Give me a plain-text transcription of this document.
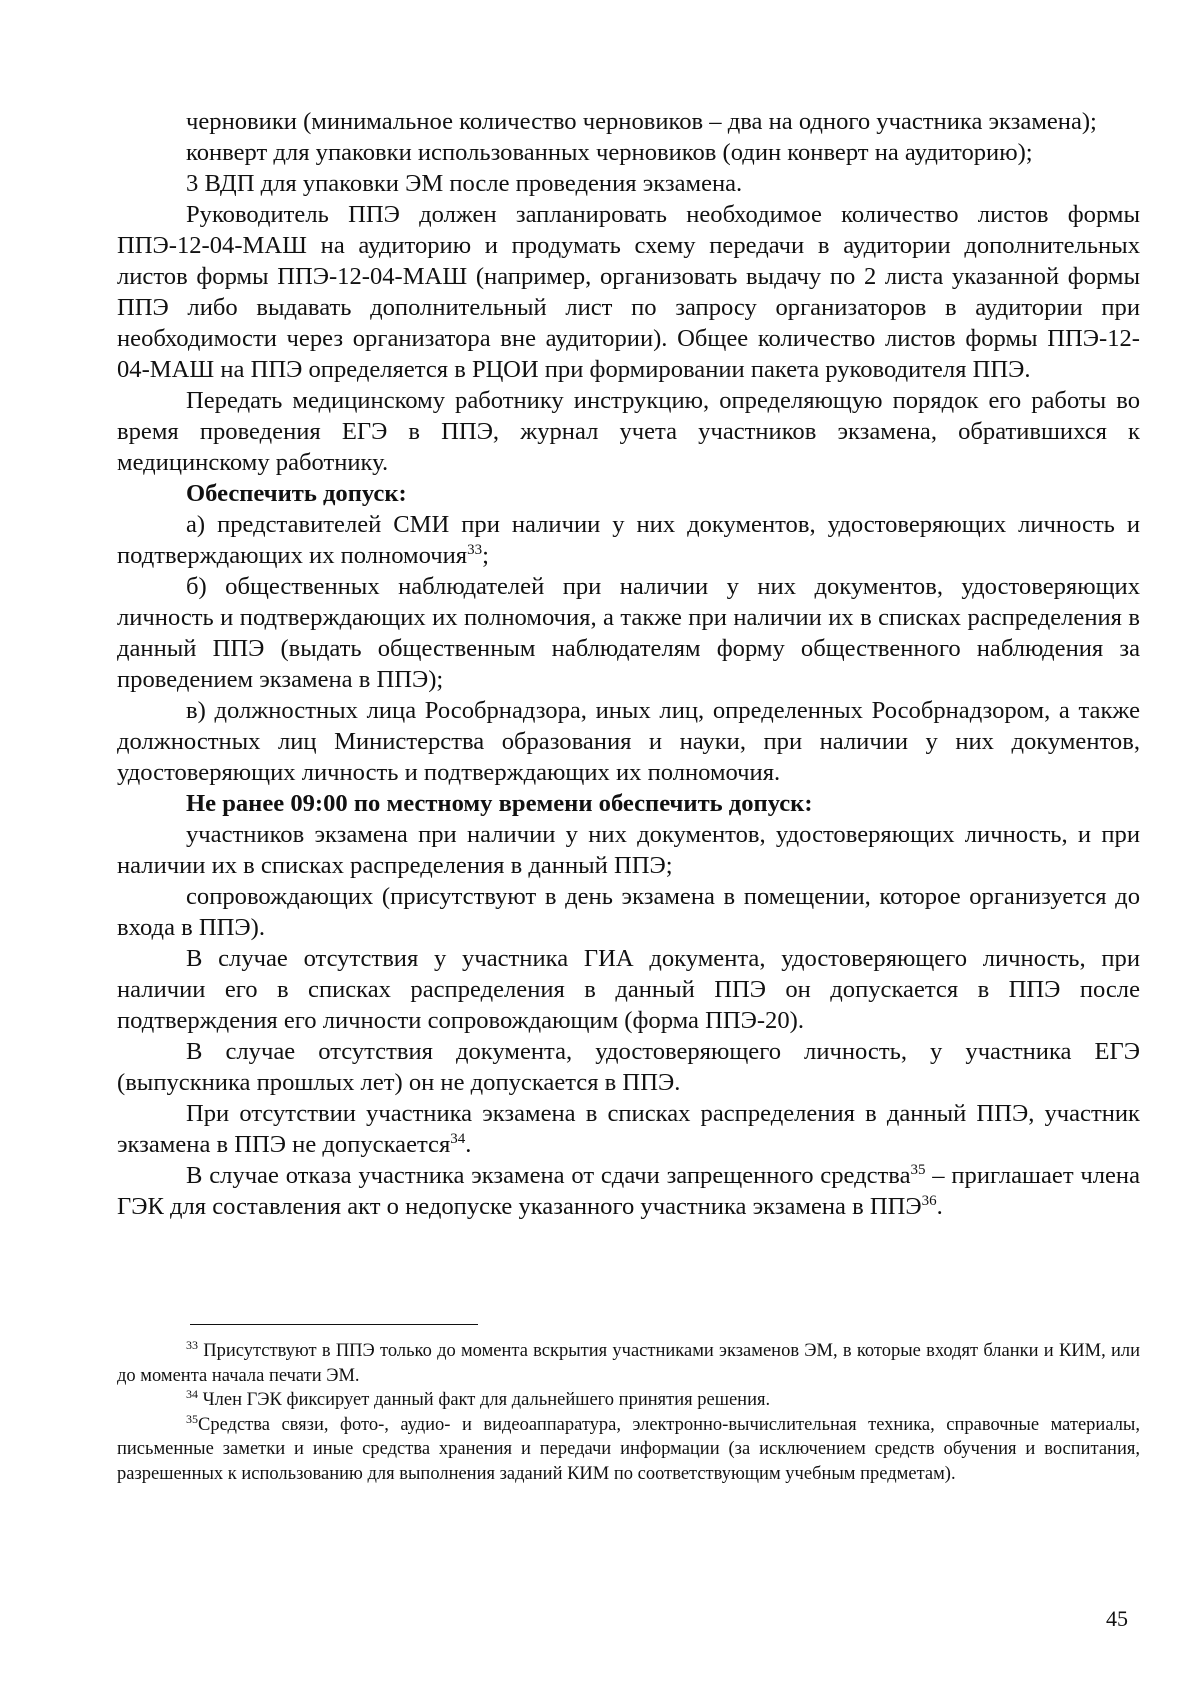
черновики (минимальное количество черновиков – два на одного участника экзамена);

конверт для упаковки использованных черновиков (один конверт на аудиторию);

3 ВДП для упаковки ЭМ после проведения экзамена.

Руководитель ППЭ должен запланировать необходимое количество листов формы ППЭ-12-04-МАШ на аудиторию и продумать схему передачи в аудитории дополнительных листов формы ППЭ-12-04-МАШ (например, организовать выдачу по 2 листа указанной формы ППЭ либо выдавать дополнительный лист по запросу организаторов в аудитории при необходимости через организатора вне аудитории). Общее количество листов формы ППЭ-12-04-МАШ на ППЭ определяется в РЦОИ при формировании пакета руководителя ППЭ.

Передать медицинскому работнику инструкцию, определяющую порядок его работы во время проведения ЕГЭ в ППЭ, журнал учета участников экзамена, обратившихся к медицинскому работнику.

Обеспечить допуск:

а) представителей СМИ при наличии у них документов, удостоверяющих личность и подтверждающих их полномочия$^{33}$;

б) общественных наблюдателей при наличии у них документов, удостоверяющих личность и подтверждающих их полномочия, а также при наличии их в списках распределения в данный ППЭ (выдать общественным наблюдателям форму общественного наблюдения за проведением экзамена в ППЭ);

в) должностных лица Рособрнадзора, иных лиц, определенных Рособрнадзором, а также должностных лиц Министерства образования и науки, при наличии у них документов, удостоверяющих личность и подтверждающих их полномочия.

Не ранее 09:00 по местному времени обеспечить допуск:

участников экзамена при наличии у них документов, удостоверяющих личность, и при наличии их в списках распределения в данный ППЭ;

сопровождающих (присутствуют в день экзамена в помещении, которое организуется до входа в ППЭ).

В случае отсутствия у участника ГИА документа, удостоверяющего личность, при наличии его в списках распределения в данный ППЭ он допускается в ППЭ после подтверждения его личности сопровождающим (форма ППЭ-20).

В случае отсутствия документа, удостоверяющего личность, у участника ЕГЭ (выпускника прошлых лет) он не допускается в ППЭ.

При отсутствии участника экзамена в списках распределения в данный ППЭ, участник экзамена в ППЭ не допускается$^{34}$.

В случае отказа участника экзамена от сдачи запрещенного средства$^{35}$ – приглашает члена ГЭК для составления акт о недопуске указанного участника экзамена в ППЭ$^{36}$.

$^{33}$ Присутствуют в ППЭ только до момента вскрытия участниками экзаменов ЭМ, в которые входят бланки и КИМ, или до момента начала печати ЭМ.

$^{34}$ Член ГЭК фиксирует данный факт для дальнейшего принятия решения.

$^{35}$Средства связи, фото-, аудио- и видеоаппаратура, электронно-вычислительная техника, справочные материалы, письменные заметки и иные средства хранения и передачи информации (за исключением средств обучения и воспитания, разрешенных к использованию для выполнения заданий КИМ по соответствующим учебным предметам).

45
